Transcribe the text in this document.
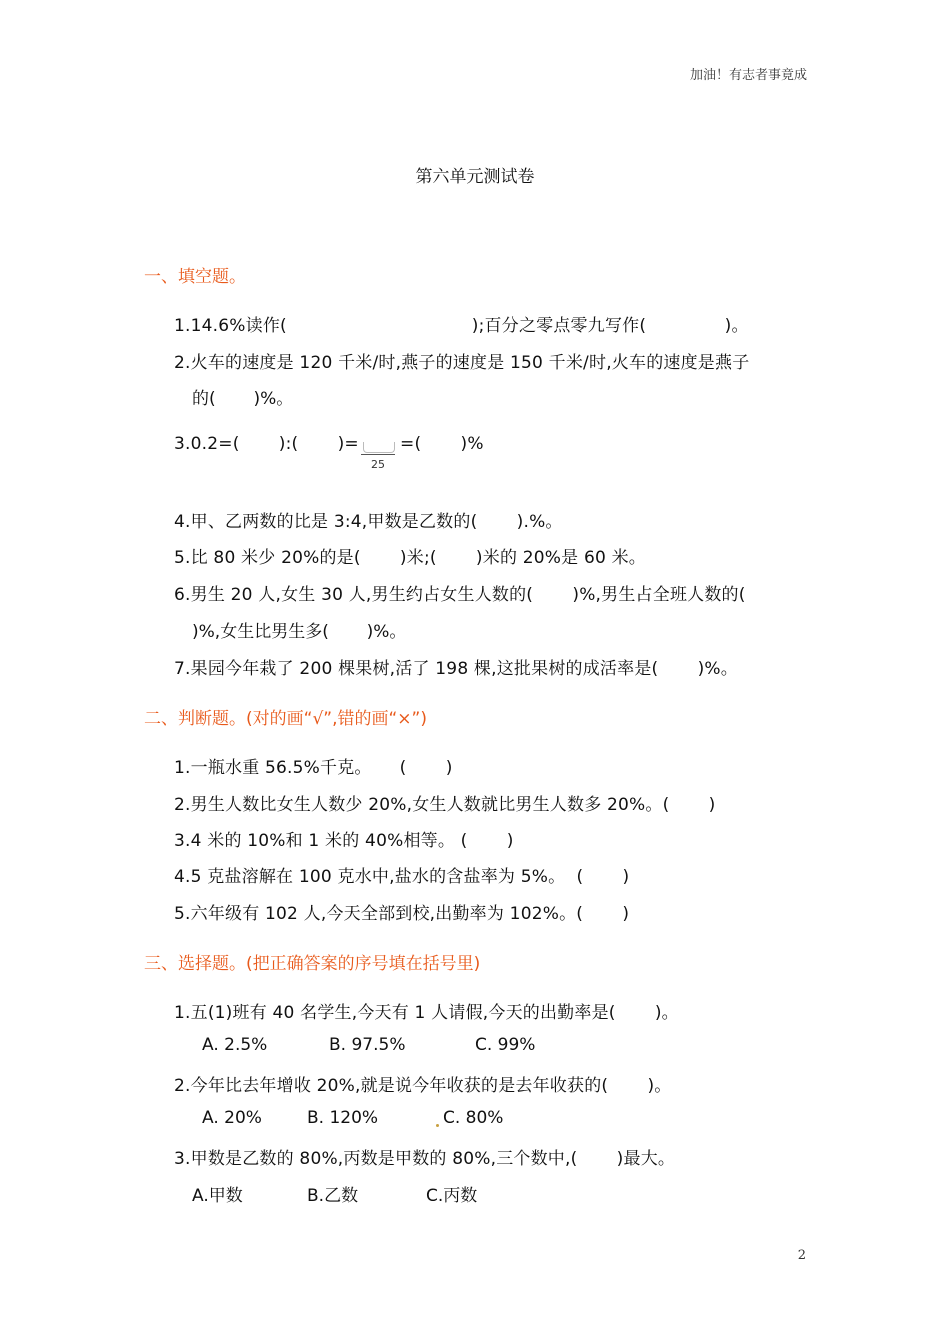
加油！有志者事竟成
第六单元测试卷
一、填空题。
1.14.6%读作(                                 );百分之零点零九写作(              )。
2.火车的速度是 120 千米/时,燕子的速度是 150 千米/时,火车的速度是燕子
的(       )%。
3.0.2=(       ):(       )=
25
=(       )%
4.甲、乙两数的比是 3:4,甲数是乙数的(       ).%。
5.比 80 米少 20%的是(       )米;(       )米的 20%是 60 米。
6.男生 20 人,女生 30 人,男生约占女生人数的(       )%,男生占全班人数的(
)%,女生比男生多(       )%。
7.果园今年栽了 200 棵果树,活了 198 棵,这批果树的成活率是(       )%。
二、判断题。(对的画“√”,错的画“×”)
1.一瓶水重 56.5%千克。     (       )
2.男生人数比女生人数少 20%,女生人数就比男生人数多 20%。(       )
3.4 米的 10%和 1 米的 40%相等。 (       )
4.5 克盐溶解在 100 克水中,盐水的含盐率为 5%。  (       )
5.六年级有 102 人,今天全部到校,出勤率为 102%。(       )
三、选择题。(把正确答案的序号填在括号里)
1.五(1)班有 40 名学生,今天有 1 人请假,今天的出勤率是(       )。
A. 2.5%	B. 97.5%	C. 99%
2.今年比去年增收 20%,就是说今年收获的是去年收获的(       )。
A. 20%	B. 120%	C. 80%
3.甲数是乙数的 80%,丙数是甲数的 80%,三个数中,(       )最大。
A.甲数	B.乙数	C.丙数
2
